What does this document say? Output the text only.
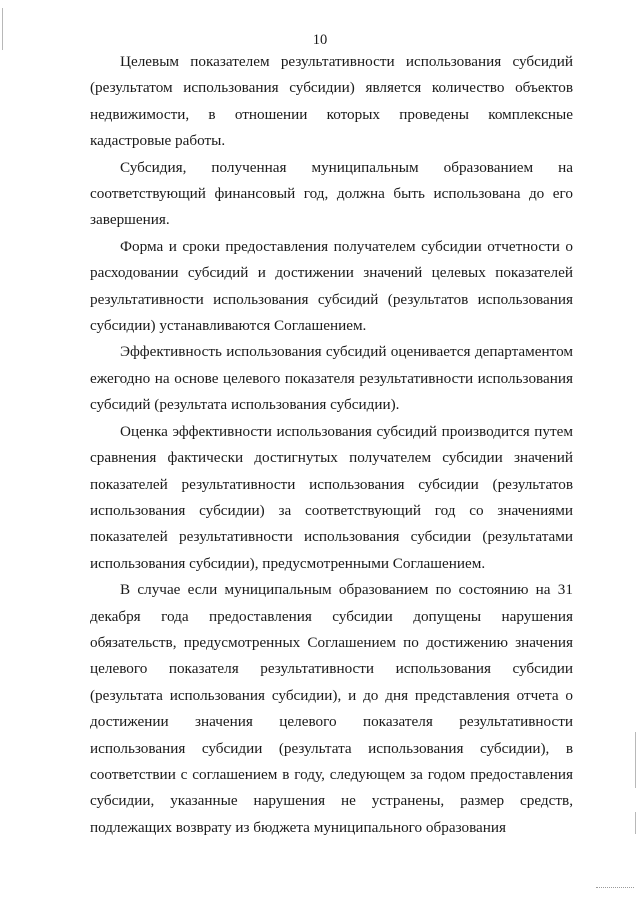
10

Целевым показателем результативности использования субсидий (результатом использования субсидии) является количество объектов недвижимости, в отношении которых проведены комплексные кадастровые работы.

Субсидия, полученная муниципальным образованием на соответствующий финансовый год, должна быть использована до его завершения.

Форма и сроки предоставления получателем субсидии отчетности о расходовании субсидий и достижении значений целевых показателей результативности использования субсидий (результатов использования субсидии) устанавливаются Соглашением.

Эффективность использования субсидий оценивается департаментом ежегодно на основе целевого показателя результативности использования субсидий (результата использования субсидии).

Оценка эффективности использования субсидий производится путем сравнения фактически достигнутых получателем субсидии значений показателей результативности использования субсидии (результатов использования субсидии) за соответствующий год со значениями показателей результативности использования субсидии (результатами использования субсидии), предусмотренными Соглашением.

В случае если муниципальным образованием по состоянию на 31 декабря года предоставления субсидии допущены нарушения обязательств, предусмотренных Соглашением по достижению значения целевого показателя результативности использования субсидии (результата использования субсидии), и до дня представления отчета о достижении значения целевого показателя результативности использования субсидии (результата использования субсидии), в соответствии с соглашением в году, следующем за годом предоставления субсидии, указанные нарушения не устранены, размер средств, подлежащих возврату из бюджета муниципального образования
